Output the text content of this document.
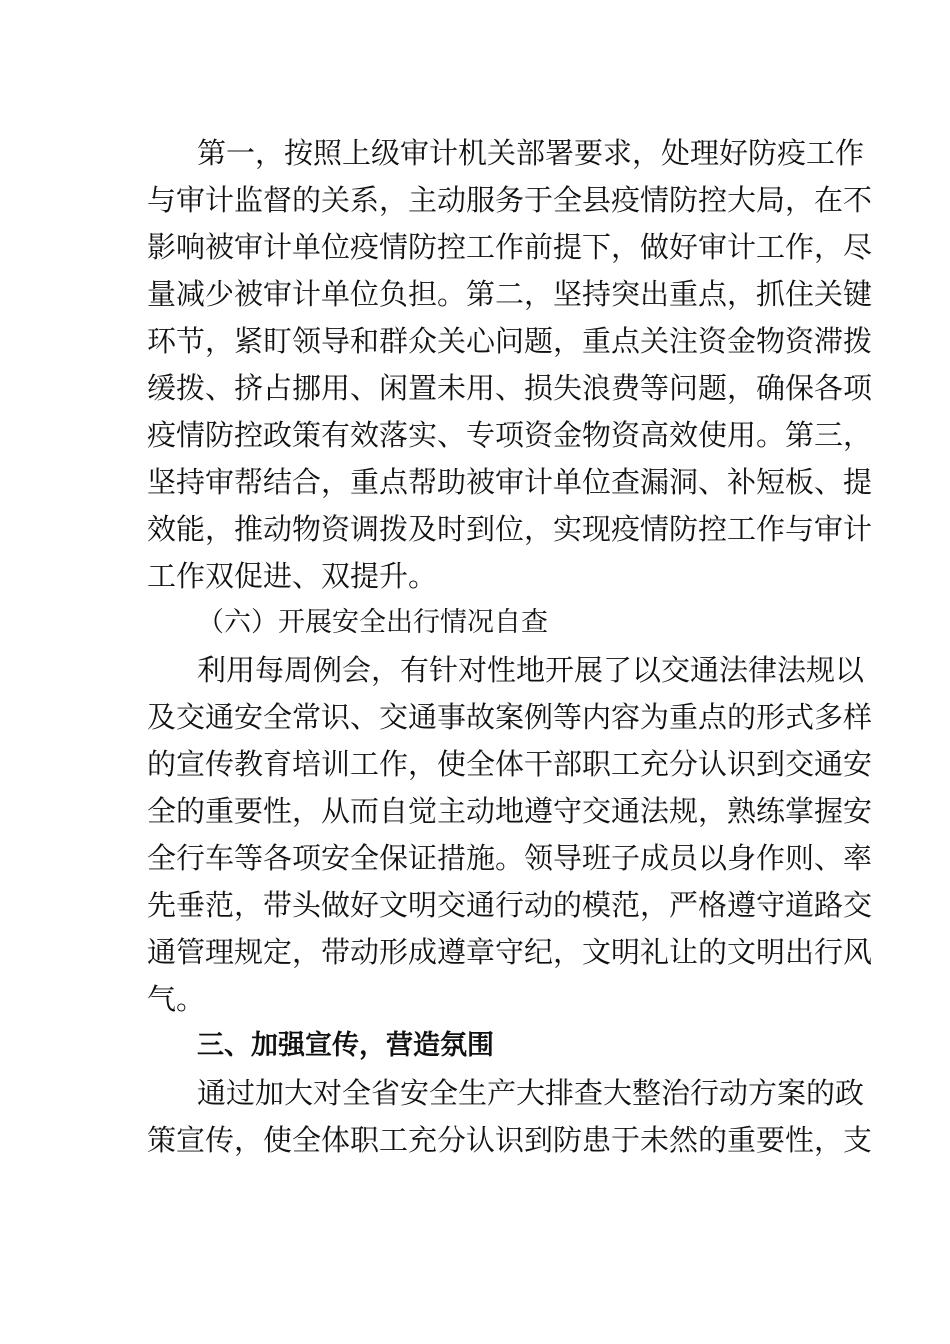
第一，按照上级审计机关部署要求，处理好防疫工作
与审计监督的关系，主动服务于全县疫情防控大局，在不
影响被审计单位疫情防控工作前提下，做好审计工作，尽
量减少被审计单位负担。第二，坚持突出重点，抓住关键
环节，紧盯领导和群众关心问题，重点关注资金物资滞拨
缓拨、挤占挪用、闲置未用、损失浪费等问题，确保各项
疫情防控政策有效落实、专项资金物资高效使用。第三，
坚持审帮结合，重点帮助被审计单位查漏洞、补短板、提
效能，推动物资调拨及时到位，实现疫情防控工作与审计
工作双促进、双提升。
（六）开展安全出行情况自查
利用每周例会，有针对性地开展了以交通法律法规以
及交通安全常识、交通事故案例等内容为重点的形式多样
的宣传教育培训工作，使全体干部职工充分认识到交通安
全的重要性，从而自觉主动地遵守交通法规，熟练掌握安
全行车等各项安全保证措施。领导班子成员以身作则、率
先垂范，带头做好文明交通行动的模范，严格遵守道路交
通管理规定，带动形成遵章守纪，文明礼让的文明出行风
气。
三、加强宣传，营造氛围
通过加大对全省安全生产大排查大整治行动方案的政
策宣传，使全体职工充分认识到防患于未然的重要性，支
